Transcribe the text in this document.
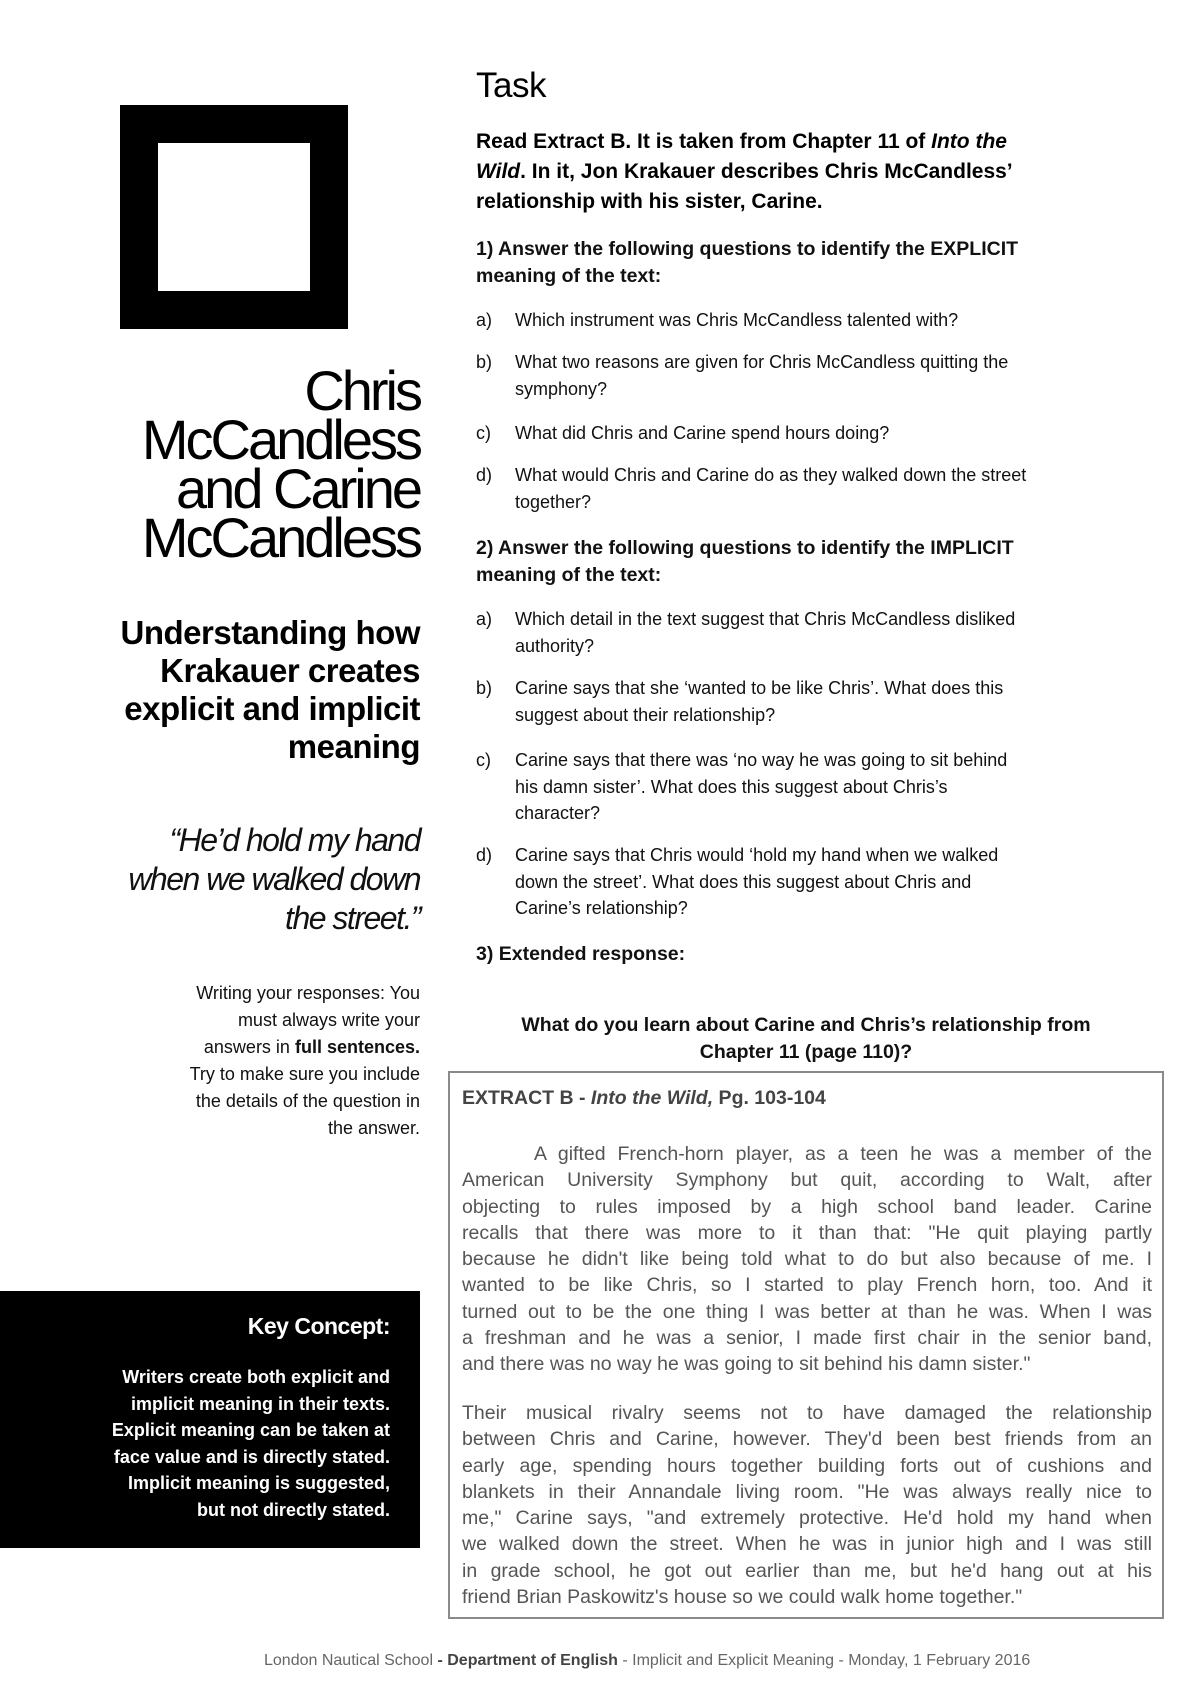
Chris
McCandless
and Carine
McCandless
Understanding how
Krakauer creates
explicit and implicit
meaning
“He’d hold my hand
when we walked down
the street.”
Writing your responses: You
must always write your
answers in full sentences.
Try to make sure you include
the details of the question in
the answer.
Key Concept:
Writers create both explicit and
implicit meaning in their texts.
Explicit meaning can be taken at
face value and is directly stated.
Implicit meaning is suggested,
but not directly stated.
Task
Read Extract B. It is taken from Chapter 11 of Into the
Wild. In it, Jon Krakauer describes Chris McCandless’
relationship with his sister, Carine.
1) Answer the following questions to identify the EXPLICIT
meaning of the text:
a) Which instrument was Chris McCandless talented with?
b) What two reasons are given for Chris McCandless quitting the
symphony?
c) What did Chris and Carine spend hours doing?
d) What would Chris and Carine do as they walked down the street
together?
2) Answer the following questions to identify the IMPLICIT
meaning of the text:
a) Which detail in the text suggest that Chris McCandless disliked
authority?
b) Carine says that she ‘wanted to be like Chris’. What does this
suggest about their relationship?
c) Carine says that there was ‘no way he was going to sit behind
his damn sister’. What does this suggest about Chris’s
character?
d) Carine says that Chris would ‘hold my hand when we walked
down the street’. What does this suggest about Chris and
Carine’s relationship?
3) Extended response:
What do you learn about Carine and Chris’s relationship from
Chapter 11 (page 110)?
EXTRACT B - Into the Wild, Pg. 103-104
A gifted French-horn player, as a teen he was a member of the
American University Symphony but quit, according to Walt, after
objecting to rules imposed by a high school band leader. Carine
recalls that there was more to it than that: "He quit playing partly
because he didn't like being told what to do but also because of me. I
wanted to be like Chris, so I started to play French horn, too. And it
turned out to be the one thing I was better at than he was. When I was
a freshman and he was a senior, I made first chair in the senior band,
and there was no way he was going to sit behind his damn sister."
Their musical rivalry seems not to have damaged the relationship
between Chris and Carine, however. They'd been best friends from an
early age, spending hours together building forts out of cushions and
blankets in their Annandale living room. "He was always really nice to
me," Carine says, "and extremely protective. He'd hold my hand when
we walked down the street. When he was in junior high and I was still
in grade school, he got out earlier than me, but he'd hang out at his
friend Brian Paskowitz's house so we could walk home together."
London Nautical School - Department of English - Implicit and Explicit Meaning - Monday, 1 February 2016
